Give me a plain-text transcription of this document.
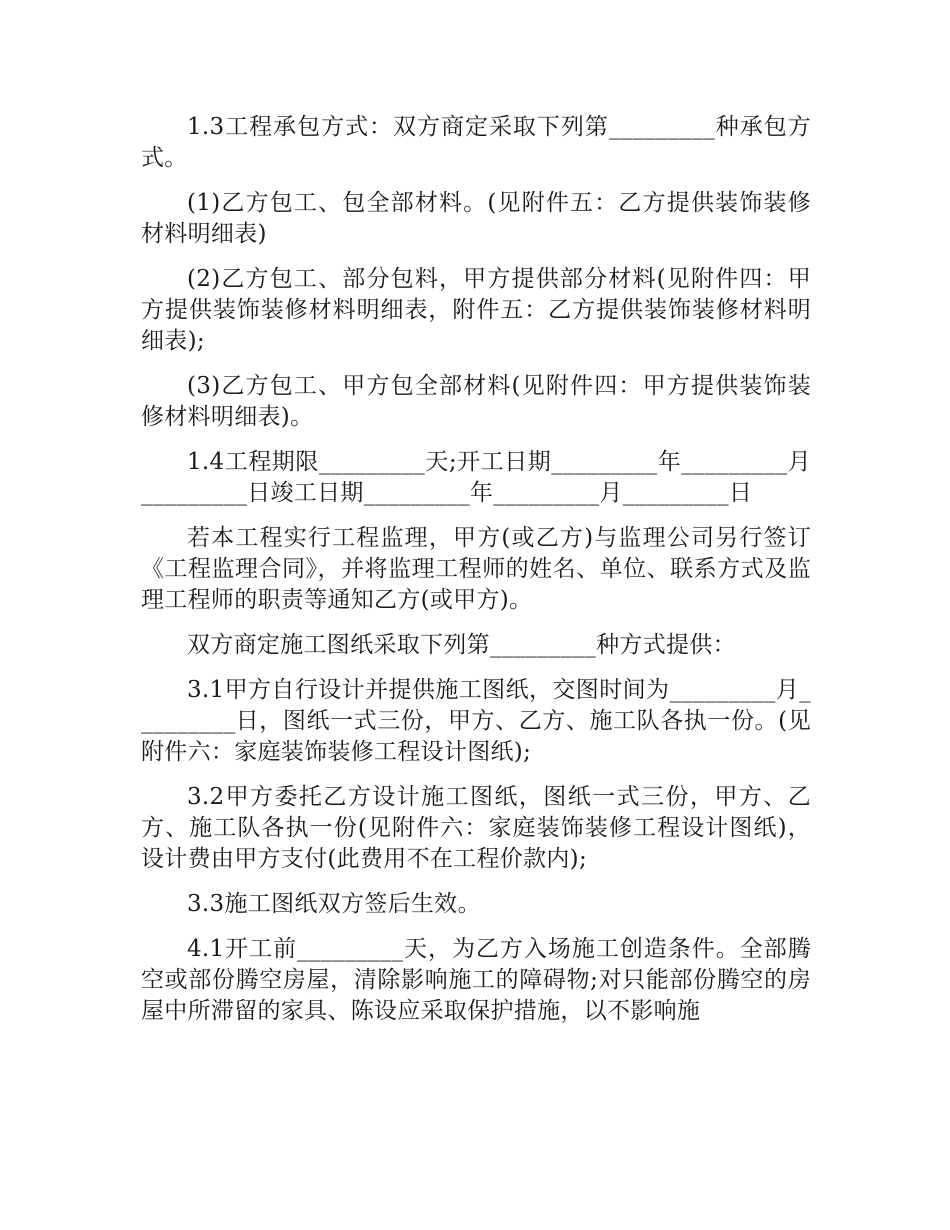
1.3工程承包方式：双方商定采取下列第_________种承包方式。

(1)乙方包工、包全部材料。(见附件五：乙方提供装饰装修材料明细表)

(2)乙方包工、部分包料，甲方提供部分材料(见附件四：甲方提供装饰装修材料明细表，附件五：乙方提供装饰装修材料明细表);

(3)乙方包工、甲方包全部材料(见附件四：甲方提供装饰装修材料明细表)。

1.4工程期限_________天;开工日期_________年_________月_________日竣工日期_________年_________月_________日

若本工程实行工程监理，甲方(或乙方)与监理公司另行签订《工程监理合同》，并将监理工程师的姓名、单位、联系方式及监理工程师的职责等通知乙方(或甲方)。

双方商定施工图纸采取下列第_________种方式提供：

3.1甲方自行设计并提供施工图纸，交图时间为_________月_________日，图纸一式三份，甲方、乙方、施工队各执一份。(见附件六：家庭装饰装修工程设计图纸);

3.2甲方委托乙方设计施工图纸，图纸一式三份，甲方、乙方、施工队各执一份(见附件六：家庭装饰装修工程设计图纸)，设计费由甲方支付(此费用不在工程价款内);

3.3施工图纸双方签后生效。

4.1开工前_________天，为乙方入场施工创造条件。全部腾空或部份腾空房屋，清除影响施工的障碍物;对只能部份腾空的房屋中所滞留的家具、陈设应采取保护措施，以不影响施
